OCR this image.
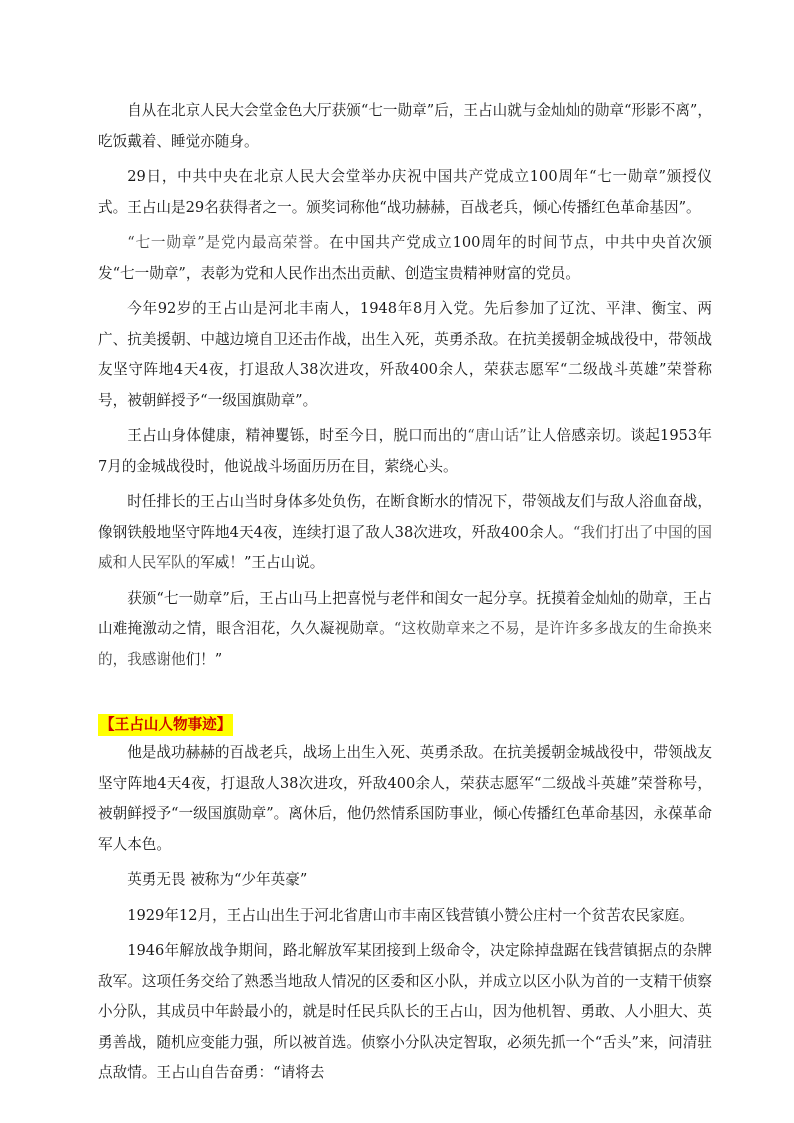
自从在北京人民大会堂金色大厅获颁“七一勋章”后，王占山就与金灿灿的勋章“形影不离”，吃饭戴着、睡觉亦随身。

29日，中共中央在北京人民大会堂举办庆祝中国共产党成立100周年“七一勋章”颁授仪式。王占山是29名获得者之一。颁奖词称他“战功赫赫，百战老兵，倾心传播红色革命基因”。

“七一勋章”是党内最高荣誉。在中国共产党成立100周年的时间节点，中共中央首次颁发“七一勋章”，表彰为党和人民作出杰出贡献、创造宝贵精神财富的党员。

今年92岁的王占山是河北丰南人，1948年8月入党。先后参加了辽沈、平津、衡宝、两广、抗美援朝、中越边境自卫还击作战，出生入死，英勇杀敌。在抗美援朝金城战役中，带领战友坚守阵地4天4夜，打退敌人38次进攻，歼敌400余人，荣获志愿军“二级战斗英雄”荣誉称号，被朝鲜授予“一级国旗勋章”。

王占山身体健康，精神矍铄，时至今日，脱口而出的“唐山话”让人倍感亲切。谈起1953年7月的金城战役时，他说战斗场面历历在目，萦绕心头。

时任排长的王占山当时身体多处负伤，在断食断水的情况下，带领战友们与敌人浴血奋战，像钢铁般地坚守阵地4天4夜，连续打退了敌人38次进攻，歼敌400余人。“我们打出了中国的国威和人民军队的军威！”王占山说。

获颁“七一勋章”后，王占山马上把喜悦与老伴和闺女一起分享。抚摸着金灿灿的勋章，王占山难掩激动之情，眼含泪花，久久凝视勋章。“这枚勋章来之不易，是许许多多战友的生命换来的，我感谢他们！”

【王占山人物事迹】

他是战功赫赫的百战老兵，战场上出生入死、英勇杀敌。在抗美援朝金城战役中，带领战友坚守阵地4天4夜，打退敌人38次进攻，歼敌400余人，荣获志愿军“二级战斗英雄”荣誉称号，被朝鲜授予“一级国旗勋章”。离休后，他仍然情系国防事业，倾心传播红色革命基因，永葆革命军人本色。

英勇无畏 被称为“少年英豪”

1929年12月，王占山出生于河北省唐山市丰南区钱营镇小赞公庄村一个贫苦农民家庭。

1946年解放战争期间，路北解放军某团接到上级命令，决定除掉盘踞在钱营镇据点的杂牌敌军。这项任务交给了熟悉当地敌人情况的区委和区小队，并成立以区小队为首的一支精干侦察小分队，其成员中年龄最小的，就是时任民兵队长的王占山，因为他机智、勇敢、人小胆大、英勇善战，随机应变能力强，所以被首选。侦察小分队决定智取，必须先抓一个“舌头”来，问清驻点敌情。王占山自告奋勇：“请将去
